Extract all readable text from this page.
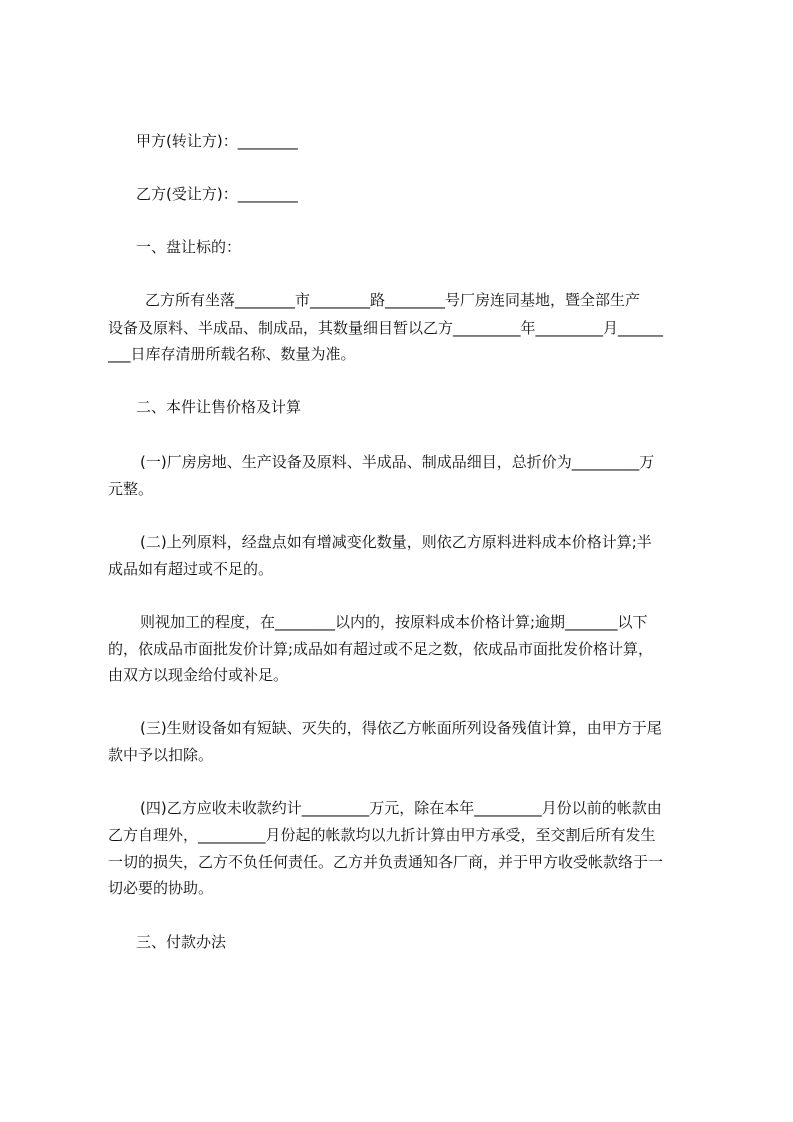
甲方(转让方)：________
乙方(受让方)：________
一、盘让标的：
乙方所有坐落________市________路________号厂房连同基地，暨全部生产
设备及原料、半成品、制成品，其数量细目暂以乙方_________年_________月______
___日库存清册所载名称、数量为准。
二、本件让售价格及计算
(一)厂房房地、生产设备及原料、半成品、制成品细目，总折价为_________万
元整。
(二)上列原料，经盘点如有增减变化数量，则依乙方原料进料成本价格计算;半
成品如有超过或不足的。
则视加工的程度，在________以内的，按原料成本价格计算;逾期_______以下
的，依成品市面批发价计算;成品如有超过或不足之数，依成品市面批发价格计算，
由双方以现金给付或补足。
(三)生财设备如有短缺、灭失的，得依乙方帐面所列设备残值计算，由甲方于尾
款中予以扣除。
(四)乙方应收未收款约计_________万元，除在本年_________月份以前的帐款由
乙方自理外，_________月份起的帐款均以九折计算由甲方承受，至交割后所有发生
一切的损失，乙方不负任何责任。乙方并负责通知各厂商，并于甲方收受帐款络于一
切必要的协助。
三、付款办法
